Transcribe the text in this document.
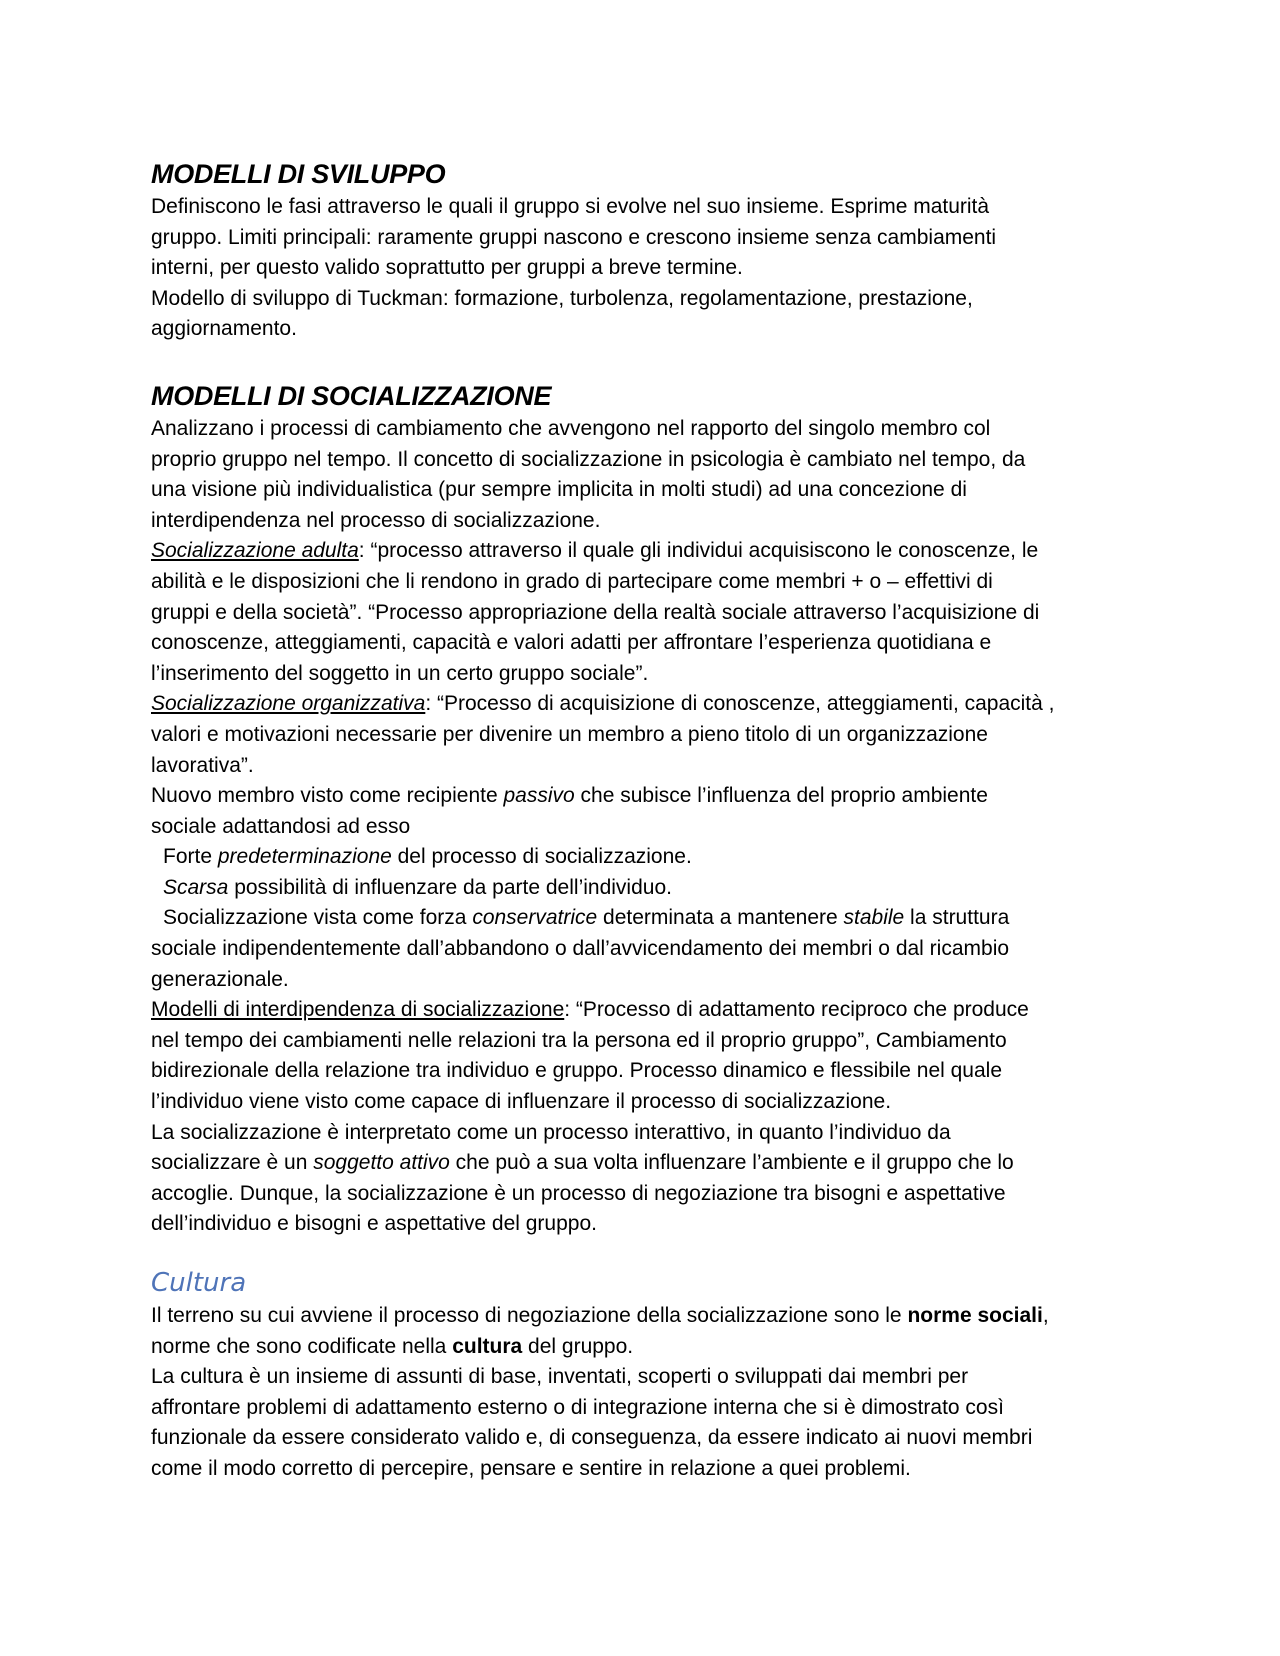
MODELLI DI SVILUPPO
Definiscono le fasi attraverso le quali il gruppo si evolve nel suo insieme. Esprime maturità
gruppo. Limiti principali: raramente gruppi nascono e crescono insieme senza cambiamenti
interni, per questo valido soprattutto per gruppi a breve termine.
Modello di sviluppo di Tuckman: formazione, turbolenza, regolamentazione, prestazione,
aggiornamento.
MODELLI DI SOCIALIZZAZIONE
Analizzano i processi di cambiamento che avvengono nel rapporto del singolo membro col
proprio gruppo nel tempo. Il concetto di socializzazione in psicologia è cambiato nel tempo, da
una visione più individualistica (pur sempre implicita in molti studi) ad una concezione di
interdipendenza nel processo di socializzazione.
Socializzazione adulta: “processo attraverso il quale gli individui acquisiscono le conoscenze, le
abilità e le disposizioni che li rendono in grado di partecipare come membri + o – effettivi di
gruppi e della società”. “Processo appropriazione della realtà sociale attraverso l’acquisizione di
conoscenze, atteggiamenti, capacità e valori adatti per affrontare l’esperienza quotidiana e
l’inserimento del soggetto in un certo gruppo sociale”.
Socializzazione organizzativa: “Processo di acquisizione di conoscenze, atteggiamenti, capacità ,
valori e motivazioni necessarie per divenire un membro a pieno titolo di un organizzazione
lavorativa”.
Nuovo membro visto come recipiente passivo che subisce l’influenza del proprio ambiente
sociale adattandosi ad esso
Forte predeterminazione del processo di socializzazione.
Scarsa possibilità di influenzare da parte dell’individuo.
Socializzazione vista come forza conservatrice determinata a mantenere stabile la struttura
sociale indipendentemente dall’abbandono o dall’avvicendamento dei membri o dal ricambio
generazionale.
Modelli di interdipendenza di socializzazione: “Processo di adattamento reciproco che produce
nel tempo dei cambiamenti nelle relazioni tra la persona ed il proprio gruppo”, Cambiamento
bidirezionale della relazione tra individuo e gruppo. Processo dinamico e flessibile nel quale
l’individuo viene visto come capace di influenzare il processo di socializzazione.
La socializzazione è interpretato come un processo interattivo, in quanto l’individuo da
socializzare è un soggetto attivo che può a sua volta influenzare l’ambiente e il gruppo che lo
accoglie. Dunque, la socializzazione è un processo di negoziazione tra bisogni e aspettative
dell’individuo e bisogni e aspettative del gruppo.
Cultura
Il terreno su cui avviene il processo di negoziazione della socializzazione sono le norme sociali,
norme che sono codificate nella cultura del gruppo.
La cultura è un insieme di assunti di base, inventati, scoperti o sviluppati dai membri per
affrontare problemi di adattamento esterno o di integrazione interna che si è dimostrato così
funzionale da essere considerato valido e, di conseguenza, da essere indicato ai nuovi membri
come il modo corretto di percepire, pensare e sentire in relazione a quei problemi.
